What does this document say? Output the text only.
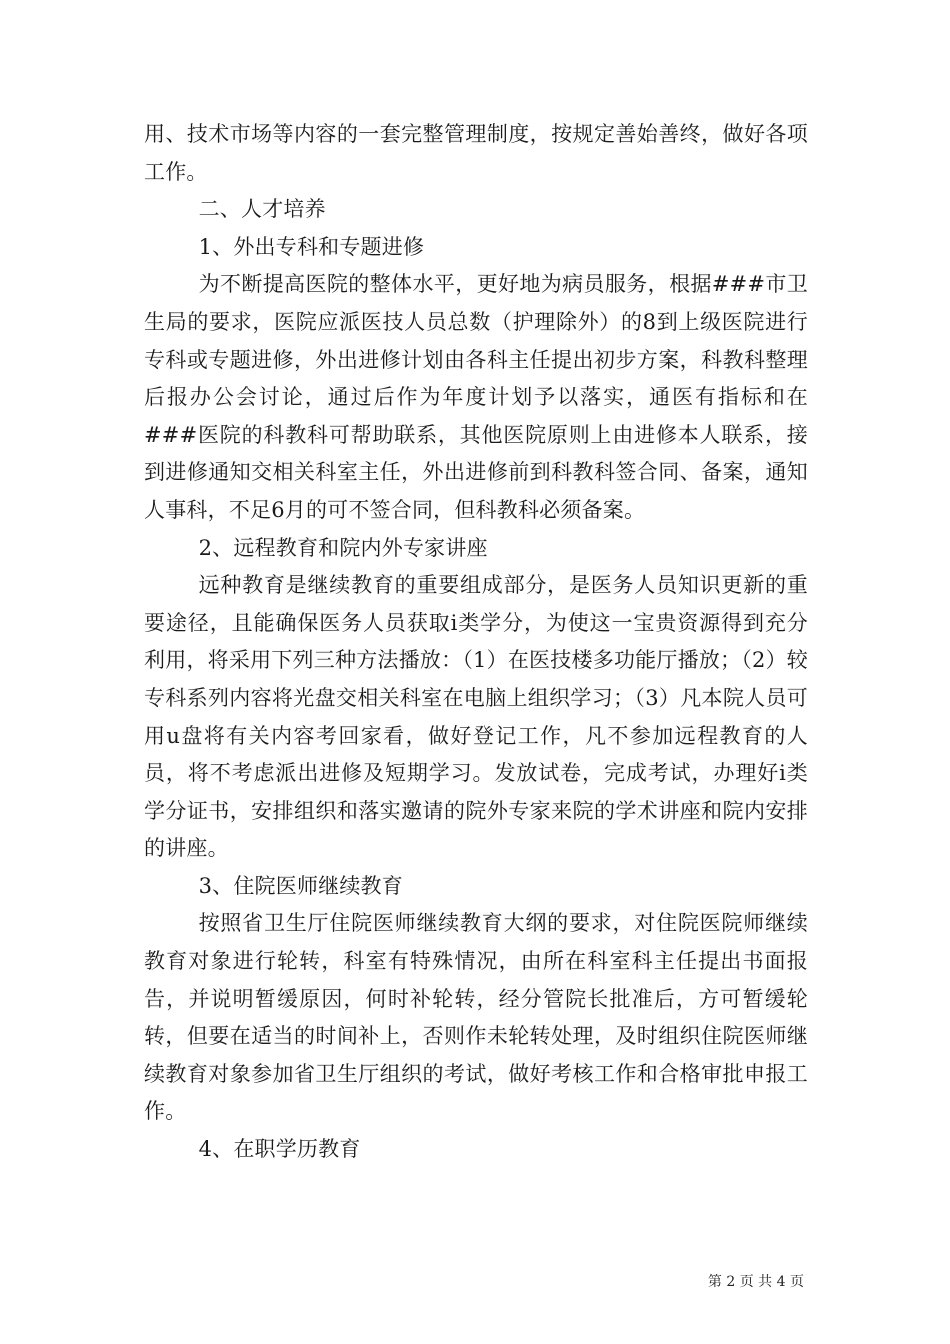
用、技术市场等内容的一套完整管理制度，按规定善始善终，做好各项工作。

二、人才培养

1、外出专科和专题进修

为不断提高医院的整体水平，更好地为病员服务，根据###市卫生局的要求，医院应派医技人员总数（护理除外）的8到上级医院进行专科或专题进修，外出进修计划由各科主任提出初步方案，科教科整理后报办公会讨论，通过后作为年度计划予以落实，通医有指标和在###医院的科教科可帮助联系，其他医院原则上由进修本人联系，接到进修通知交相关科室主任，外出进修前到科教科签合同、备案，通知人事科，不足6月的可不签合同，但科教科必须备案。

2、远程教育和院内外专家讲座

远种教育是继续教育的重要组成部分，是医务人员知识更新的重要途径，且能确保医务人员获取ⅰ类学分，为使这一宝贵资源得到充分利用，将采用下列三种方法播放：（1）在医技楼多功能厅播放；（2）较专科系列内容将光盘交相关科室在电脑上组织学习；（3）凡本院人员可用u盘将有关内容考回家看，做好登记工作，凡不参加远程教育的人员，将不考虑派出进修及短期学习。发放试卷，完成考试，办理好ⅰ类学分证书，安排组织和落实邀请的院外专家来院的学术讲座和院内安排的讲座。

3、住院医师继续教育

按照省卫生厅住院医师继续教育大纲的要求，对住院医院师继续教育对象进行轮转，科室有特殊情况，由所在科室科主任提出书面报告，并说明暂缓原因，何时补轮转，经分管院长批准后，方可暂缓轮转，但要在适当的时间补上，否则作未轮转处理，及时组织住院医师继续教育对象参加省卫生厅组织的考试，做好考核工作和合格审批申报工作。

4、在职学历教育

第 2 页 共 4 页
